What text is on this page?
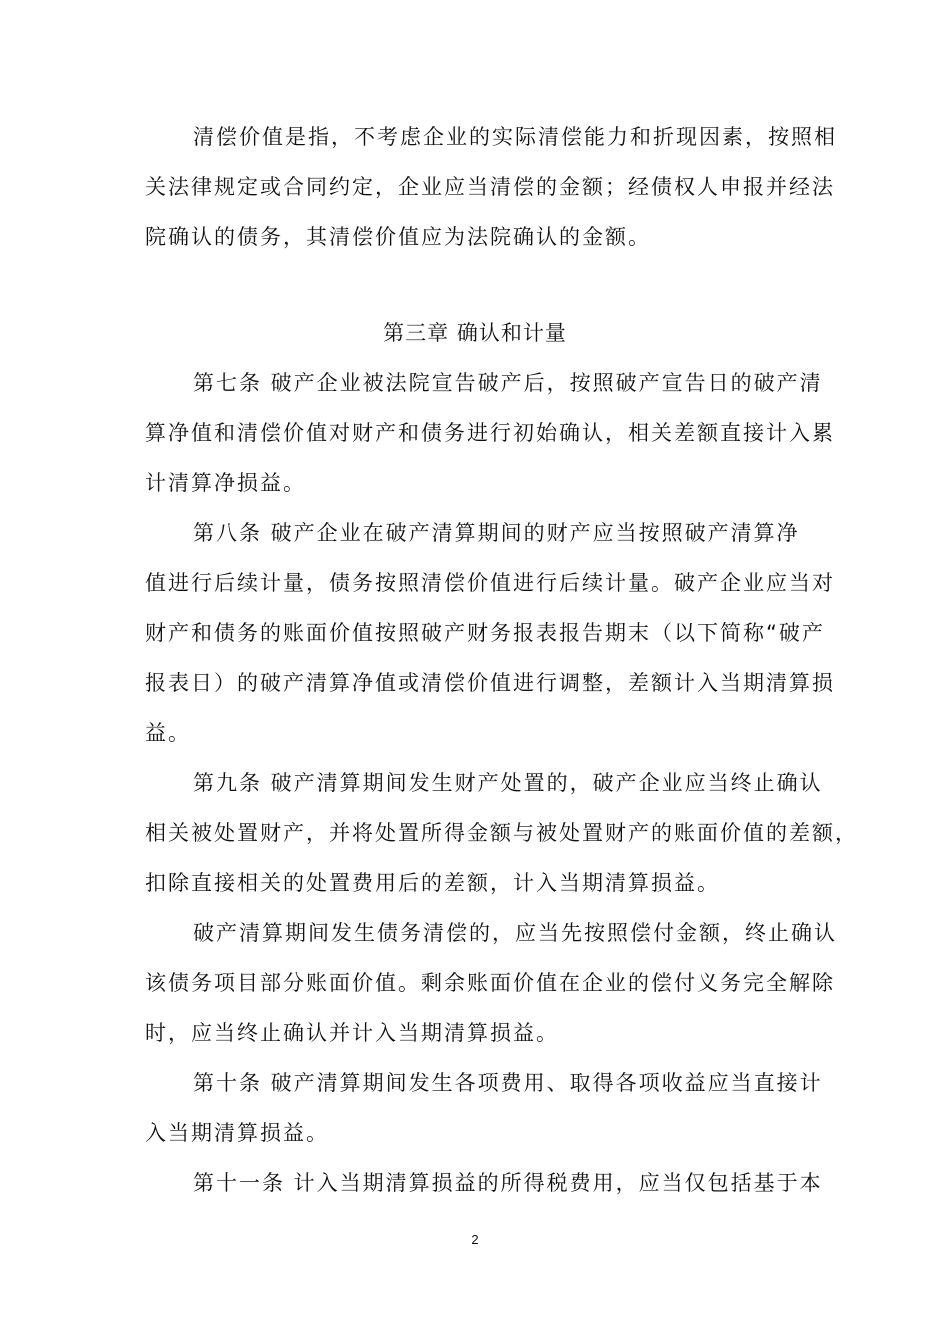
清偿价值是指，不考虑企业的实际清偿能力和折现因素，按照相
关法律规定或合同约定，企业应当清偿的金额；经债权人申报并经法
院确认的债务，其清偿价值应为法院确认的金额。
第三章 确认和计量
第七条 破产企业被法院宣告破产后，按照破产宣告日的破产清
算净值和清偿价值对财产和债务进行初始确认，相关差额直接计入累
计清算净损益。
第八条 破产企业在破产清算期间的财产应当按照破产清算净
值进行后续计量，债务按照清偿价值进行后续计量。破产企业应当对
财产和债务的账面价值按照破产财务报表报告期末（以下简称“破产
报表日）的破产清算净值或清偿价值进行调整，差额计入当期清算损
益。
第九条 破产清算期间发生财产处置的，破产企业应当终止确认
相关被处置财产，并将处置所得金额与被处置财产的账面价值的差额，
扣除直接相关的处置费用后的差额，计入当期清算损益。
破产清算期间发生债务清偿的，应当先按照偿付金额，终止确认
该债务项目部分账面价值。剩余账面价值在企业的偿付义务完全解除
时，应当终止确认并计入当期清算损益。
第十条 破产清算期间发生各项费用、取得各项收益应当直接计
入当期清算损益。
第十一条 计入当期清算损益的所得税费用，应当仅包括基于本
2
